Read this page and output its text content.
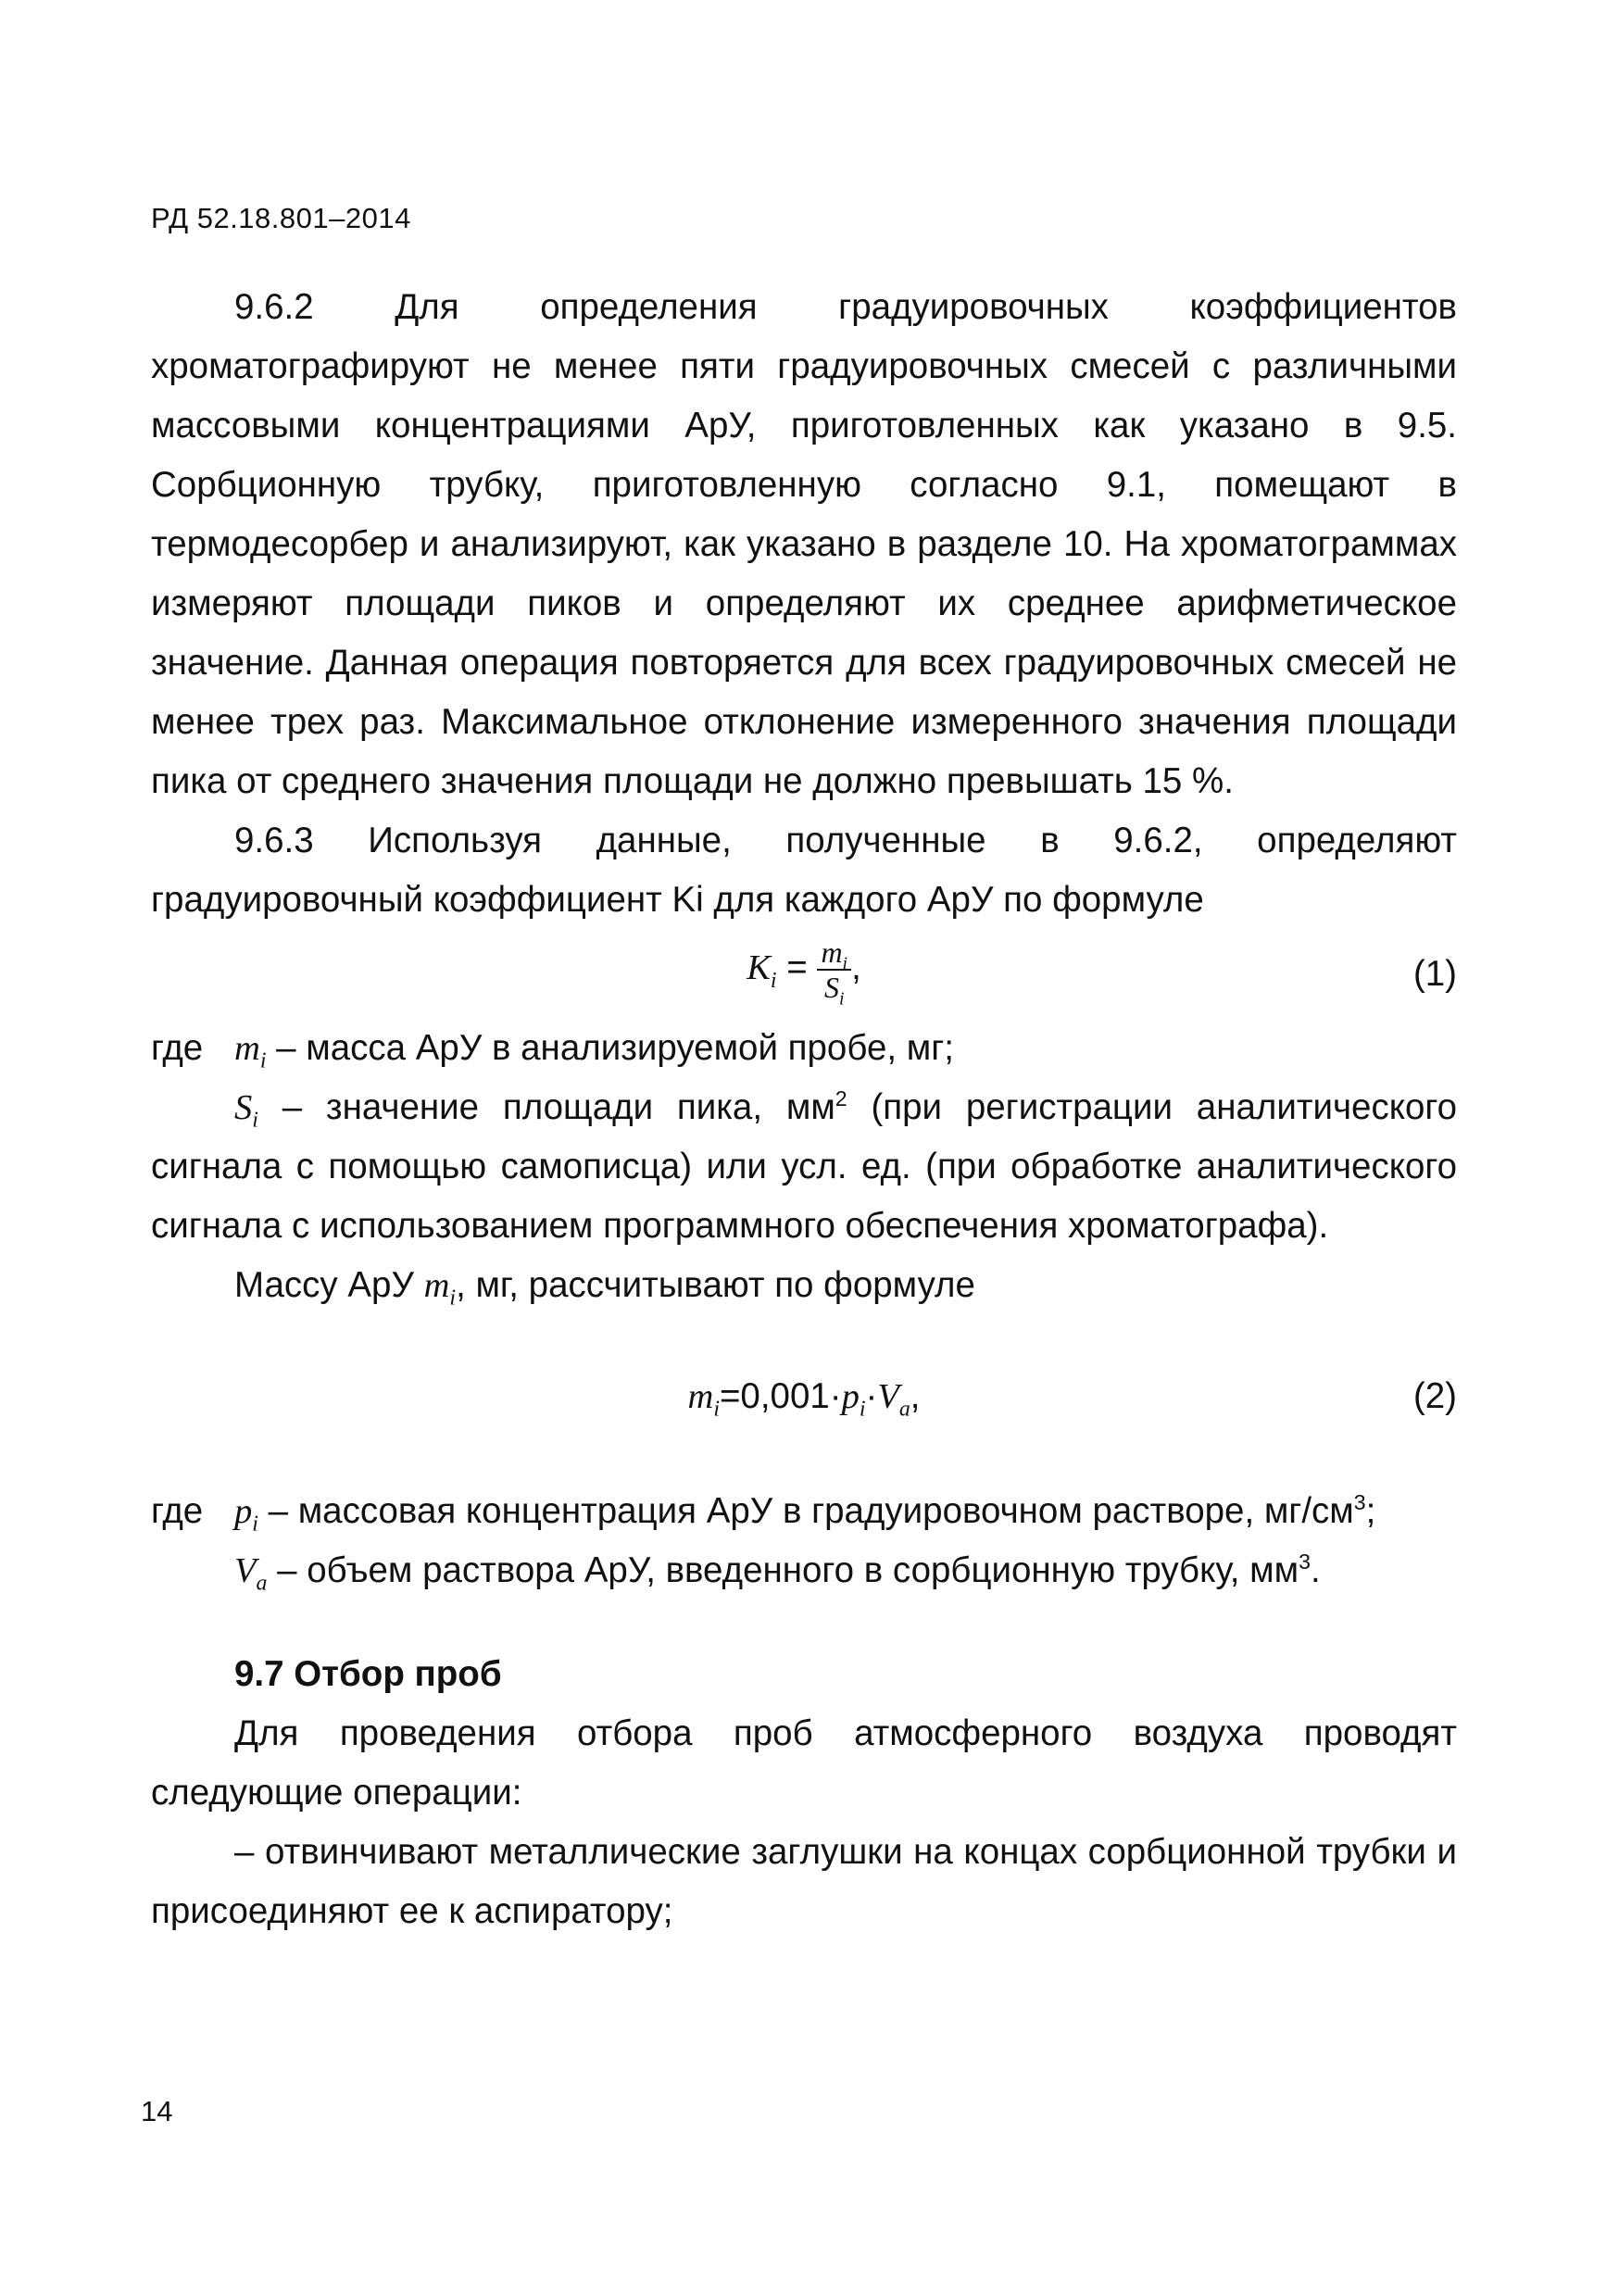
РД 52.18.801–2014

9.6.2 Для определения градуировочных коэффициентов хроматографируют не менее пяти градуировочных смесей с различными массовыми концентрациями АрУ, приготовленных как указано в 9.5. Сорбционную трубку, приготовленную согласно 9.1, помещают в термодесорбер и анализируют, как указано в разделе 10. На хроматограммах измеряют площади пиков и определяют их среднее арифметическое значение. Данная операция повторяется для всех градуировочных смесей не менее трех раз. Максимальное отклонение измеренного значения площади пика от среднего значения площади не должно превышать 15 %.

9.6.3 Используя данные, полученные в 9.6.2, определяют градуировочный коэффициент Ki для каждого АрУ по формуле

$K_i = \frac{m_i}{S_i}$ ,	(1)

где $m_i$ – масса АрУ в анализируемой пробе, мг;

$S_i$ – значение площади пика, $мм^2$ (при регистрации аналитического сигнала с помощью самописца) или усл. ед. (при обработке аналитического сигнала с использованием программного обеспечения хроматографа).

Массу АрУ $m_i$, мг, рассчитывают по формуле

$m_i=0,001\cdot p_i\cdot V_a$,	(2)

где $p_i$ – массовая концентрация АрУ в градуировочном растворе, $мг/см^3$;

$V_a$ – объем раствора АрУ, введенного в сорбционную трубку, $мм^3$.

9.7 Отбор проб

Для проведения отбора проб атмосферного воздуха проводят следующие операции:

– отвинчивают металлические заглушки на концах сорбционной трубки и присоединяют ее к аспиратору;

14
